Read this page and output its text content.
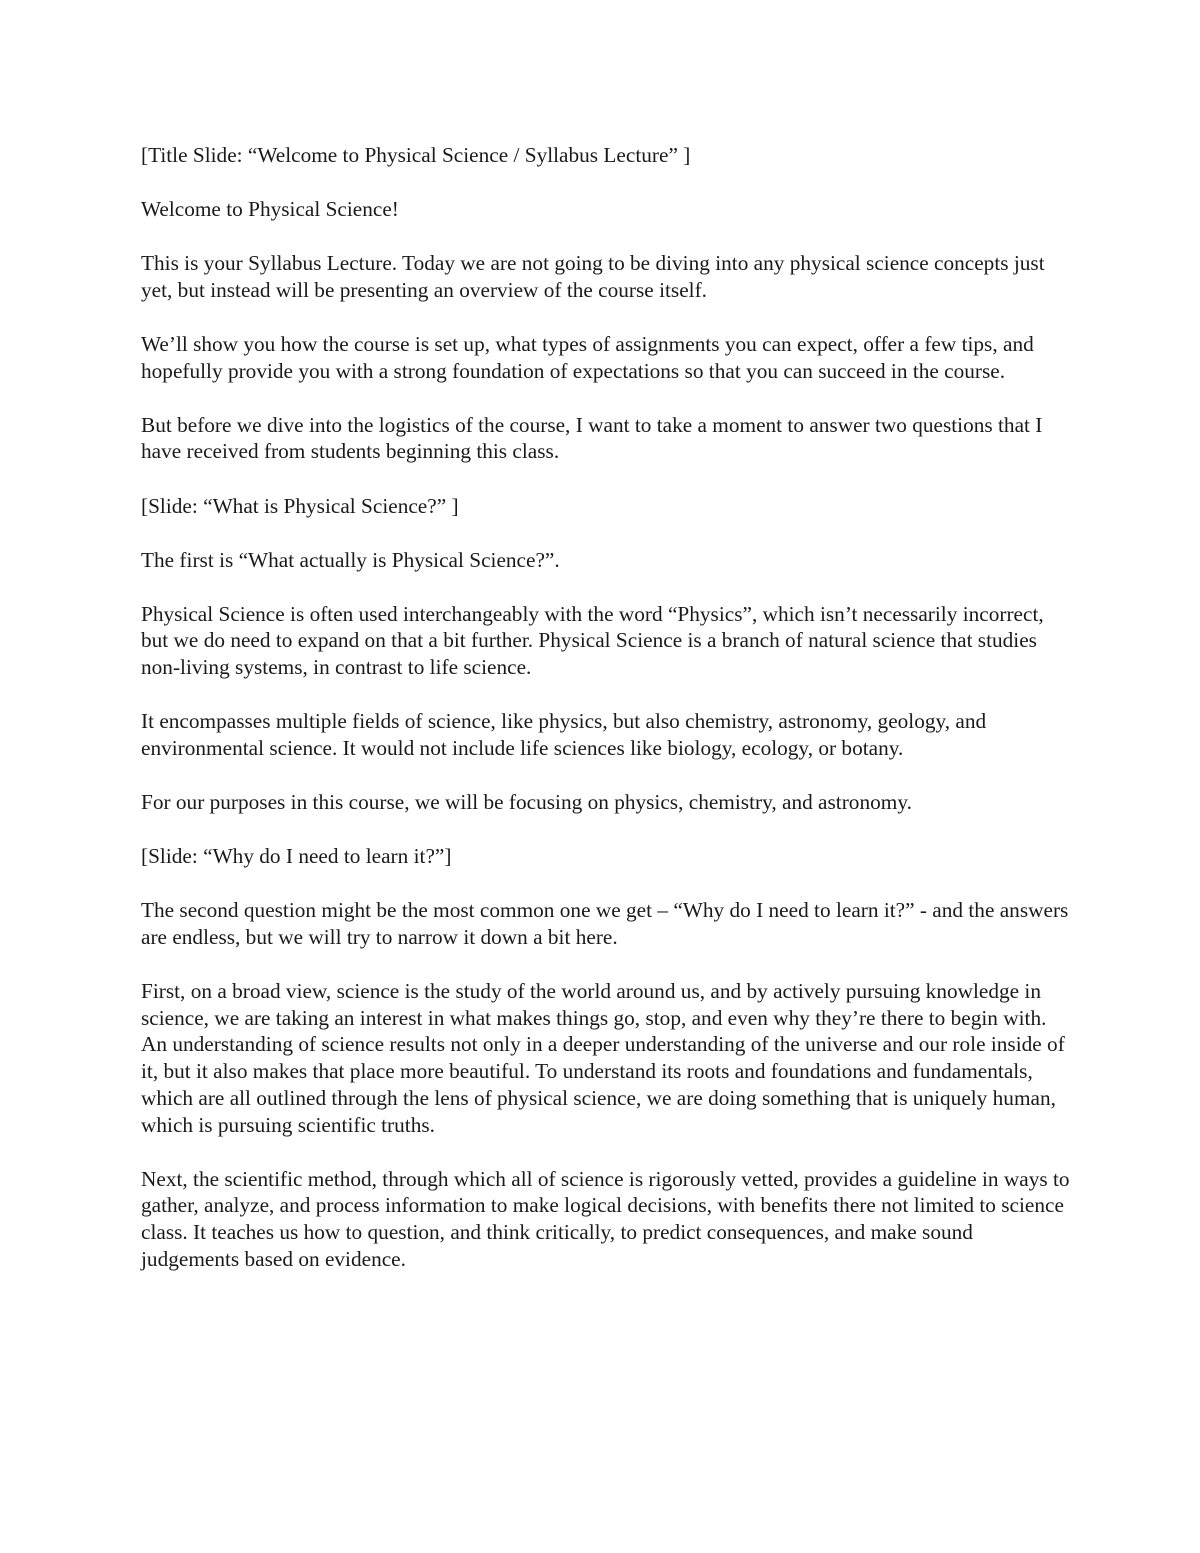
[Title Slide: “Welcome to Physical Science / Syllabus Lecture” ]

Welcome to Physical Science!

This is your Syllabus Lecture. Today we are not going to be diving into any physical science concepts just yet, but instead will be presenting an overview of the course itself.

We’ll show you how the course is set up, what types of assignments you can expect, offer a few tips, and hopefully provide you with a strong foundation of expectations so that you can succeed in the course.

But before we dive into the logistics of the course, I want to take a moment to answer two questions that I have received from students beginning this class.

[Slide: “What is Physical Science?” ]

The first is “What actually is Physical Science?”.

Physical Science is often used interchangeably with the word “Physics”, which isn’t necessarily incorrect, but we do need to expand on that a bit further. Physical Science is a branch of natural science that studies non-living systems, in contrast to life science.

It encompasses multiple fields of science, like physics, but also chemistry, astronomy, geology, and environmental science. It would not include life sciences like biology, ecology, or botany.

For our purposes in this course, we will be focusing on physics, chemistry, and astronomy.

[Slide: “Why do I need to learn it?”]

The second question might be the most common one we get – “Why do I need to learn it?” - and the answers are endless, but we will try to narrow it down a bit here.

First, on a broad view, science is the study of the world around us, and by actively pursuing knowledge in science, we are taking an interest in what makes things go, stop, and even why they’re there to begin with. An understanding of science results not only in a deeper understanding of the universe and our role inside of it, but it also makes that place more beautiful. To understand its roots and foundations and fundamentals, which are all outlined through the lens of physical science, we are doing something that is uniquely human, which is pursuing scientific truths.

Next, the scientific method, through which all of science is rigorously vetted, provides a guideline in ways to gather, analyze, and process information to make logical decisions, with benefits there not limited to science class. It teaches us how to question, and think critically, to predict consequences, and make sound judgements based on evidence.
